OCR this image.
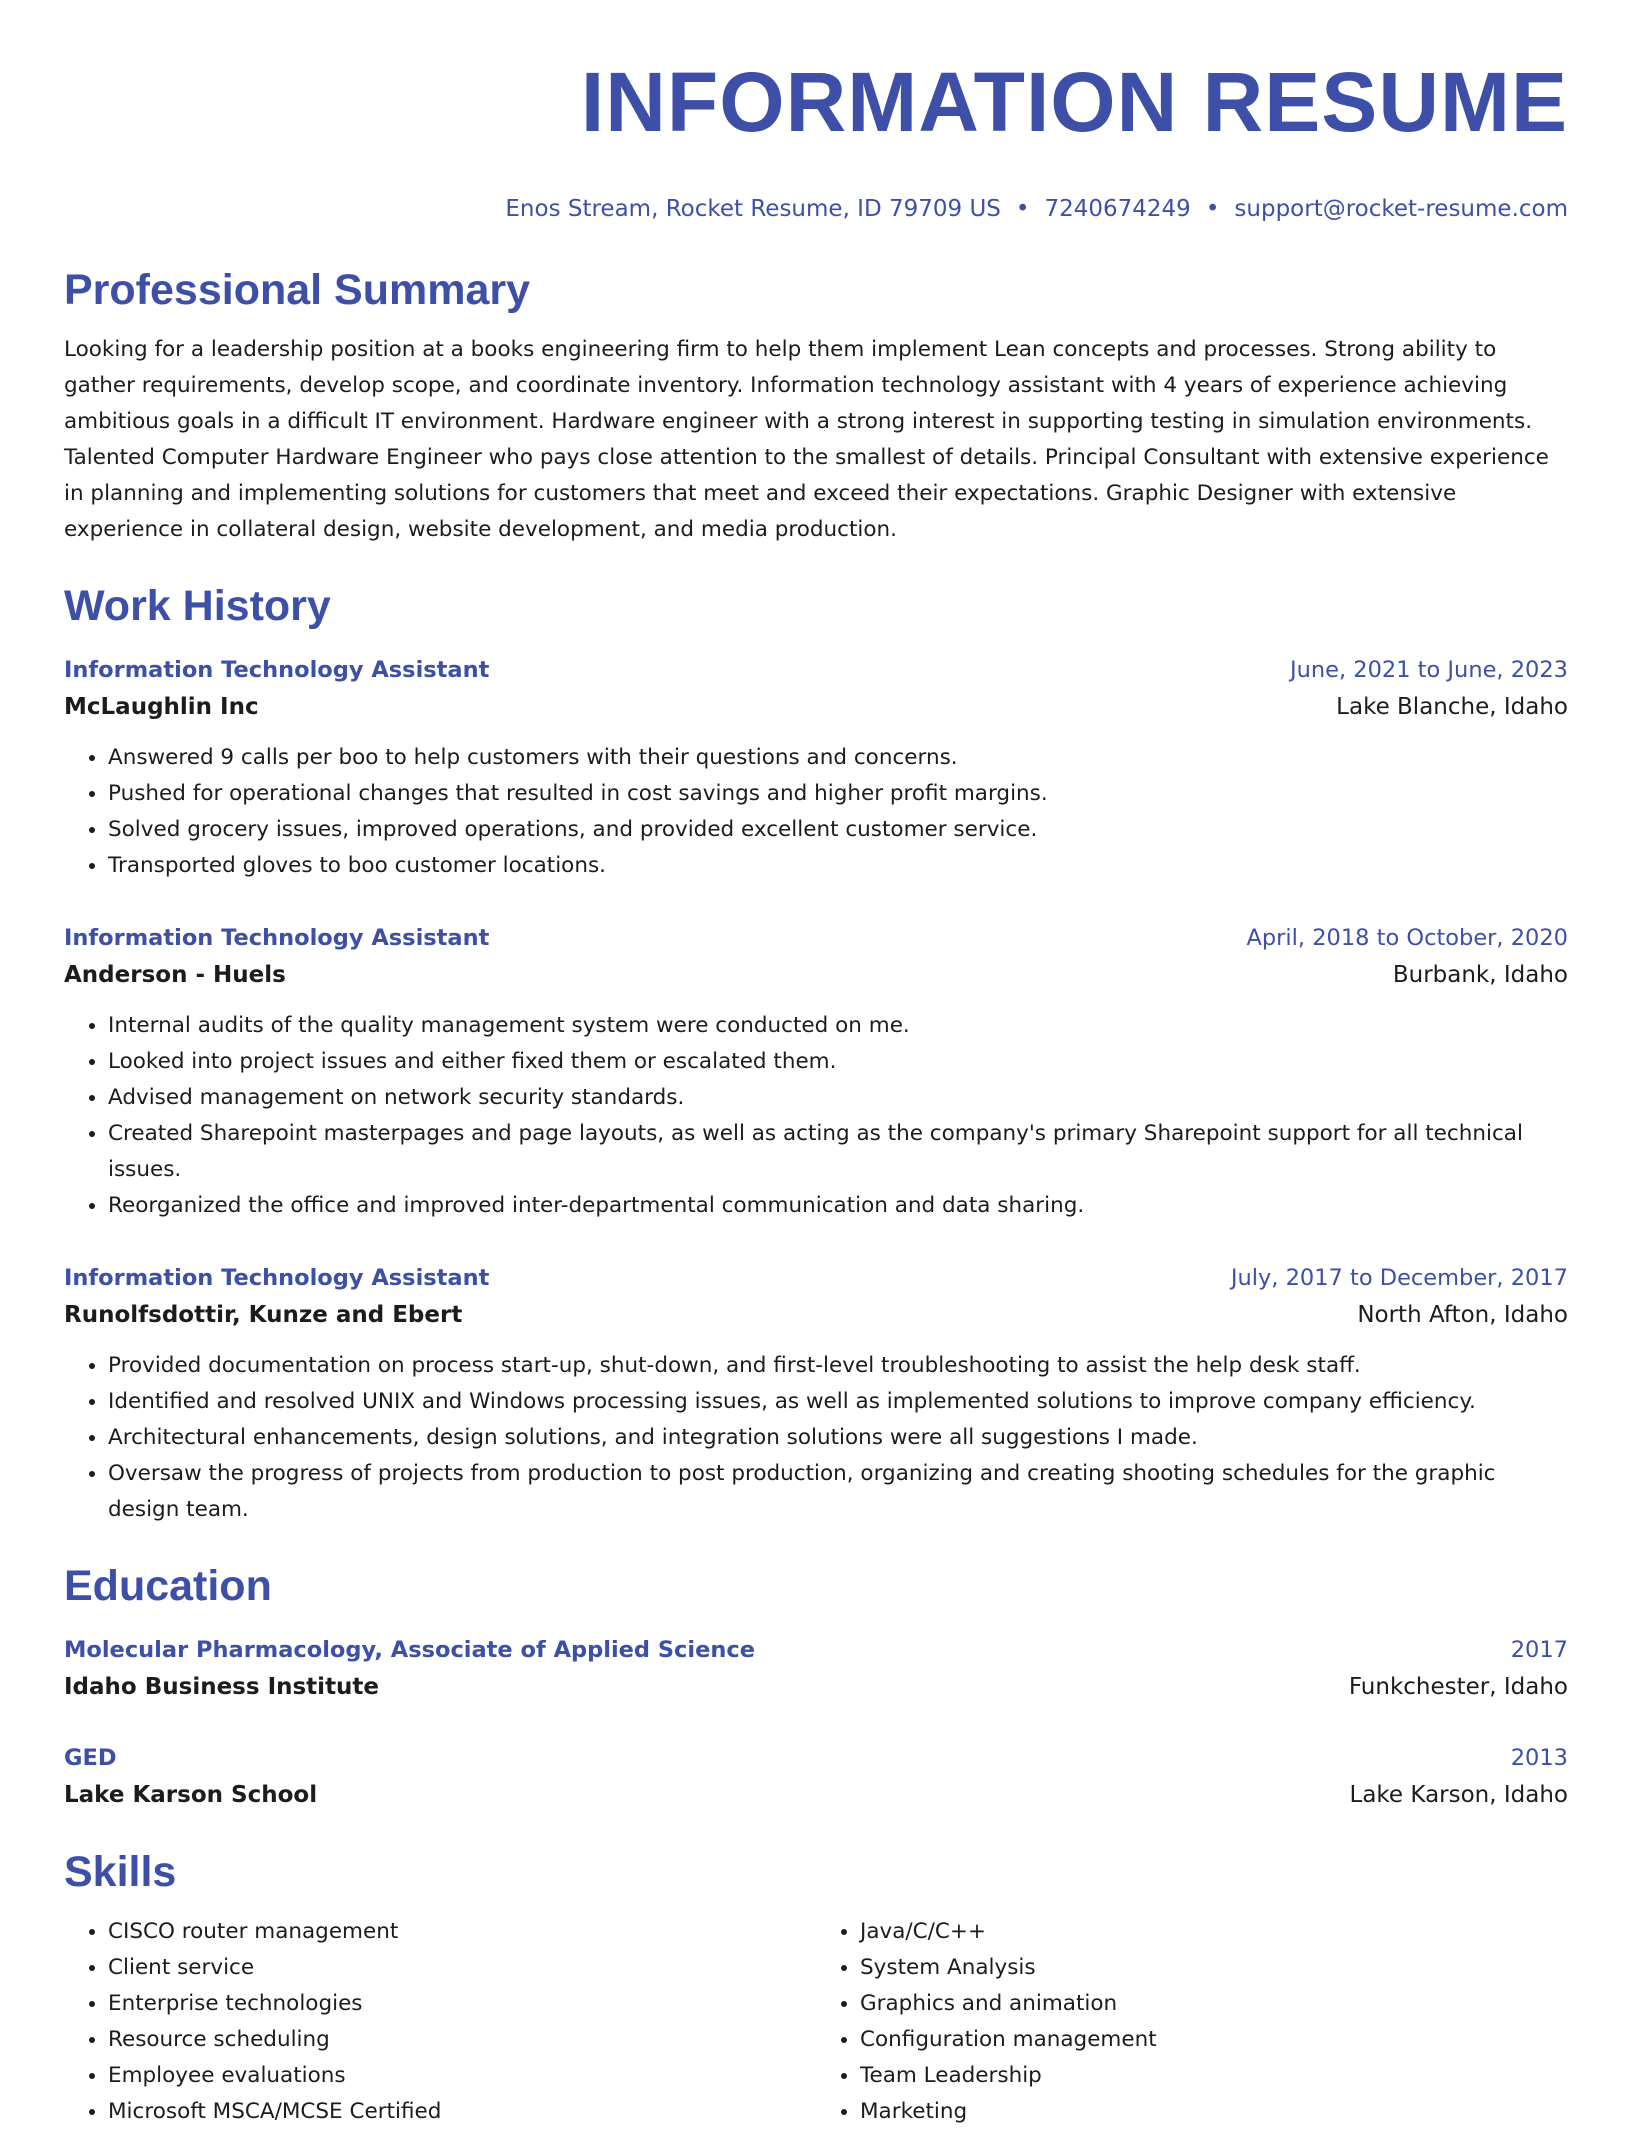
INFORMATION RESUME
Enos Stream, Rocket Resume, ID 79709 US • 7240674249 • support@rocket-resume.com
Professional Summary
Looking for a leadership position at a books engineering firm to help them implement Lean concepts and processes. Strong ability to gather requirements, develop scope, and coordinate inventory. Information technology assistant with 4 years of experience achieving ambitious goals in a difficult IT environment. Hardware engineer with a strong interest in supporting testing in simulation environments. Talented Computer Hardware Engineer who pays close attention to the smallest of details. Principal Consultant with extensive experience in planning and implementing solutions for customers that meet and exceed their expectations. Graphic Designer with extensive experience in collateral design, website development, and media production.
Work History
Information Technology Assistant	June, 2021 to June, 2023
McLaughlin Inc	Lake Blanche, Idaho
• Answered 9 calls per boo to help customers with their questions and concerns.
• Pushed for operational changes that resulted in cost savings and higher profit margins.
• Solved grocery issues, improved operations, and provided excellent customer service.
• Transported gloves to boo customer locations.
Information Technology Assistant	April, 2018 to October, 2020
Anderson - Huels	Burbank, Idaho
• Internal audits of the quality management system were conducted on me.
• Looked into project issues and either fixed them or escalated them.
• Advised management on network security standards.
• Created Sharepoint masterpages and page layouts, as well as acting as the company's primary Sharepoint support for all technical issues.
• Reorganized the office and improved inter-departmental communication and data sharing.
Information Technology Assistant	July, 2017 to December, 2017
Runolfsdottir, Kunze and Ebert	North Afton, Idaho
• Provided documentation on process start-up, shut-down, and first-level troubleshooting to assist the help desk staff.
• Identified and resolved UNIX and Windows processing issues, as well as implemented solutions to improve company efficiency.
• Architectural enhancements, design solutions, and integration solutions were all suggestions I made.
• Oversaw the progress of projects from production to post production, organizing and creating shooting schedules for the graphic design team.
Education
Molecular Pharmacology, Associate of Applied Science	2017
Idaho Business Institute	Funkchester, Idaho
GED	2013
Lake Karson School	Lake Karson, Idaho
Skills
• CISCO router management
• Client service
• Enterprise technologies
• Resource scheduling
• Employee evaluations
• Microsoft MSCA/MCSE Certified
• Java/C/C++
• System Analysis
• Graphics and animation
• Configuration management
• Team Leadership
• Marketing
